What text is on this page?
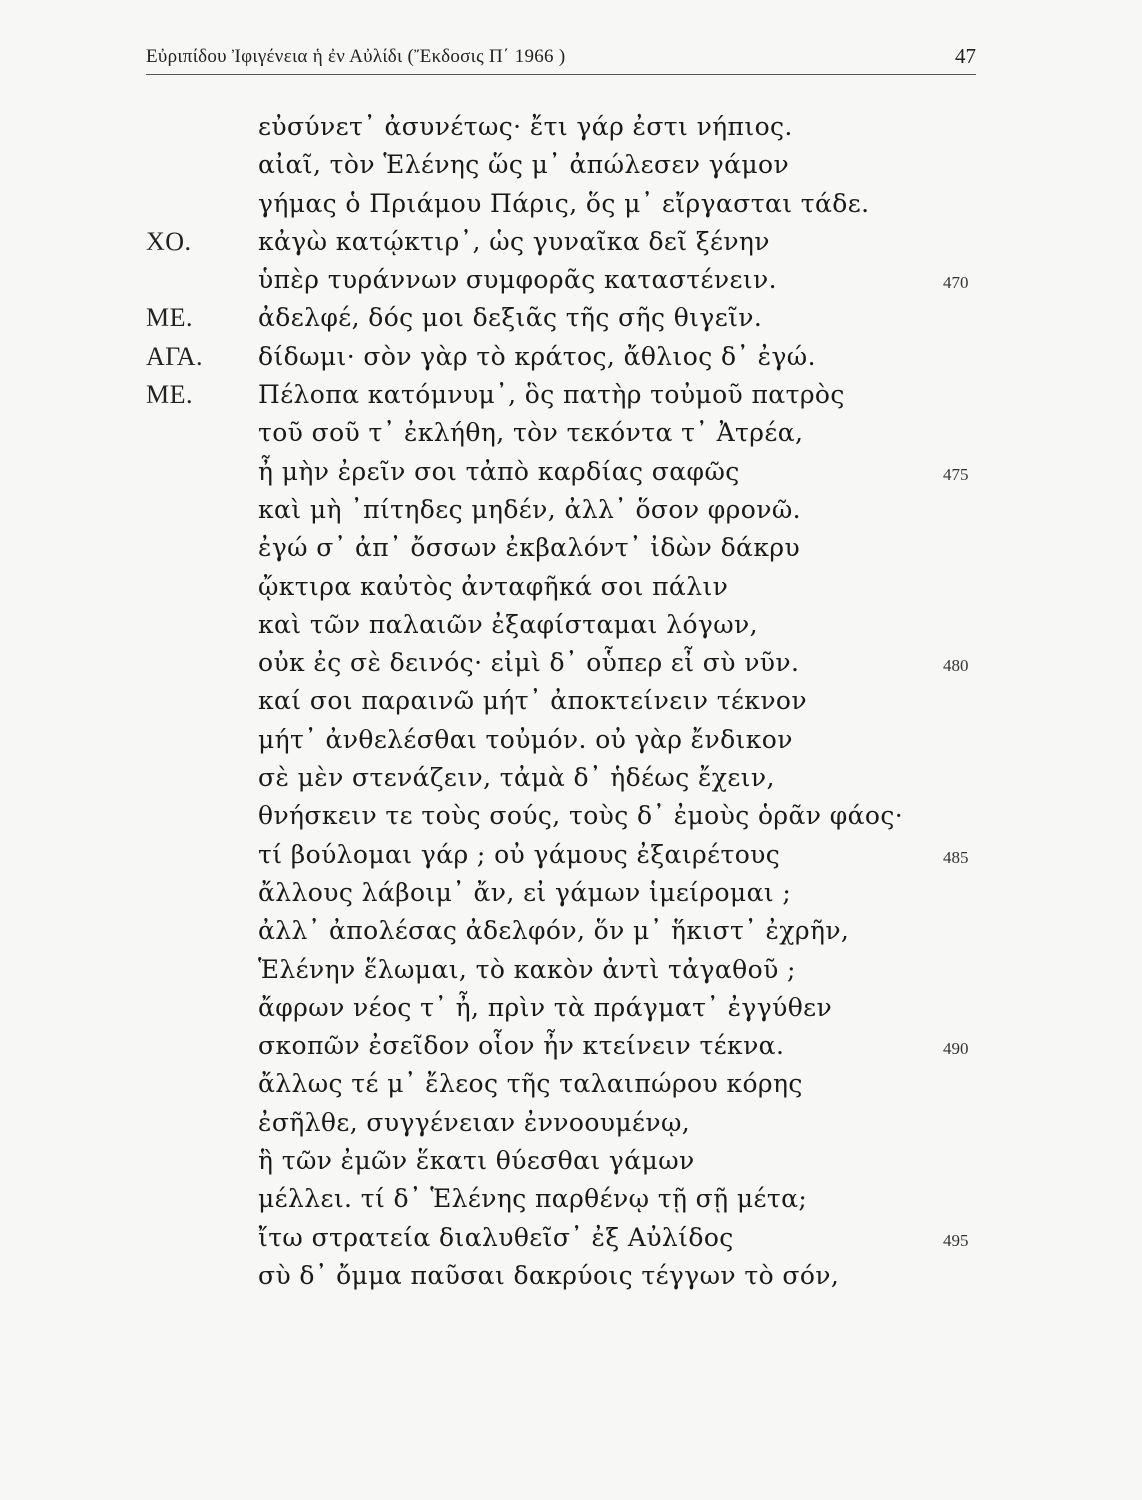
Εὐριπίδου Ἰφιγένεια ἡ ἐν Αὐλίδι (Ἔκδοσις Π΄ 1966 )	47
εὐσύνετ᾽ ἀσυνέτως· ἔτι γάρ ἐστι νήπιος.
αἰαῖ, τὸν Ἑλένης ὥς μ᾽ ἀπώλεσεν γάμον
γήμας ὁ Πριάμου Πάρις, ὅς μ᾽ εἴργασται τάδε.
ΧΟ.	κἀγὼ κατῴκτιρ᾽, ὡς γυναῖκα δεῖ ξένην
ὑπὲρ τυράννων συμφορᾶς καταστένειν.	470
ΜΕ.	ἀδελφέ, δός μοι δεξιᾶς τῆς σῆς θιγεῖν.
ΑΓΑ. δίδωμι· σὸν γὰρ τὸ κράτος, ἄθλιος δ᾽ ἐγώ.
ΜΕ.	Πέλοπα κατόμνυμ᾽, ὃς πατὴρ τοὐμοῦ πατρὸς
τοῦ σοῦ τ᾽ ἐκλήθη, τὸν τεκόντα τ᾽ Ἀτρέα,
ἦ μὴν ἐρεῖν σοι τἀπὸ καρδίας σαφῶς	475
καὶ μὴ ᾽πίτηδες μηδέν, ἀλλ᾽ ὅσον φρονῶ.
ἐγώ σ᾽ ἀπ᾽ ὄσσων ἐκβαλόντ᾽ ἰδὼν δάκρυ
ᾤκτιρα καὐτὸς ἀνταφῆκά σοι πάλιν
καὶ τῶν παλαιῶν ἐξαφίσταμαι λόγων,
οὐκ ἐς σὲ δεινός· εἰμὶ δ᾽ οὗπερ εἶ σὺ νῦν.	480
καί σοι παραινῶ μήτ᾽ ἀποκτείνειν τέκνον
μήτ᾽ ἀνθελέσθαι τοὐμόν. οὐ γὰρ ἔνδικον
σὲ μὲν στενάζειν, τἀμὰ δ᾽ ἡδέως ἔχειν,
θνήσκειν τε τοὺς σούς, τοὺς δ᾽ ἐμοὺς ὁρᾶν φάος·
τί βούλομαι γάρ ; οὐ γάμους ἐξαιρέτους	485
ἄλλους λάβοιμ᾽ ἄν, εἰ γάμων ἱμείρομαι ;
ἀλλ᾽ ἀπολέσας ἀδελφόν, ὅν μ᾽ ἥκιστ᾽ ἐχρῆν,
Ἑλένην ἕλωμαι, τὸ κακὸν ἀντὶ τἀγαθοῦ ;
ἄφρων νέος τ᾽ ἦ, πρὶν τὰ πράγματ᾽ ἐγγύθεν
σκοπῶν ἐσεῖδον οἷον ἦν κτείνειν τέκνα.	490
ἄλλως τέ μ᾽ ἔλεος τῆς ταλαιπώρου κόρης
ἐσῆλθε, συγγένειαν ἐννοουμένῳ,
ἣ τῶν ἐμῶν ἕκατι θύεσθαι γάμων
μέλλει. τί δ᾽ Ἑλένης παρθένῳ τῇ σῇ μέτα;
ἴτω στρατεία διαλυθεῖσ᾽ ἐξ Αὐλίδος	495
σὺ δ᾽ ὄμμα παῦσαι δακρύοις τέγγων τὸ σόν,
